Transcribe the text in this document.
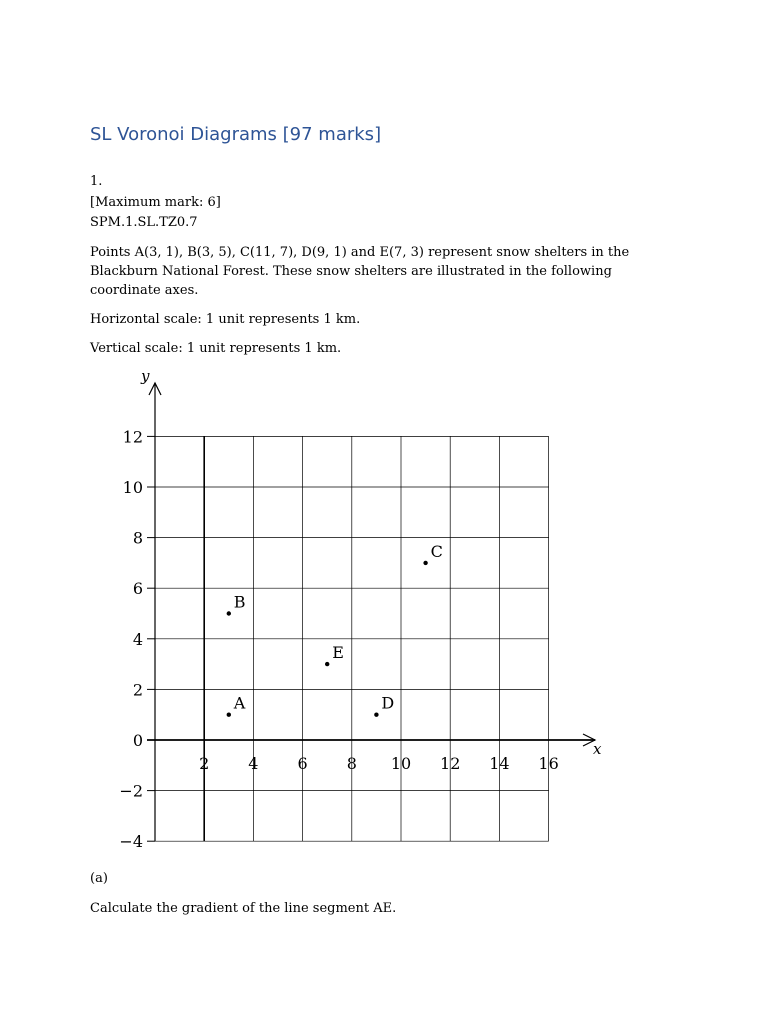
SL Voronoi Diagrams [97 marks]
1.
[Maximum mark: 6]
SPM.1.SL.TZ0.7
Points A(3, 1), B(3, 5), C(11, 7), D(9, 1) and E(7, 3) represent snow shelters in the Blackburn National Forest. These snow shelters are illustrated in the following coordinate axes.
Horizontal scale: 1 unit represents 1 km.
Vertical scale: 1 unit represents 1 km.
y
x
12
10
8
6
4
2
0
−2
−4
2 4 6 8 10 12 14 16
A
B
C
D
E
(a)
Calculate the gradient of the line segment AE.
